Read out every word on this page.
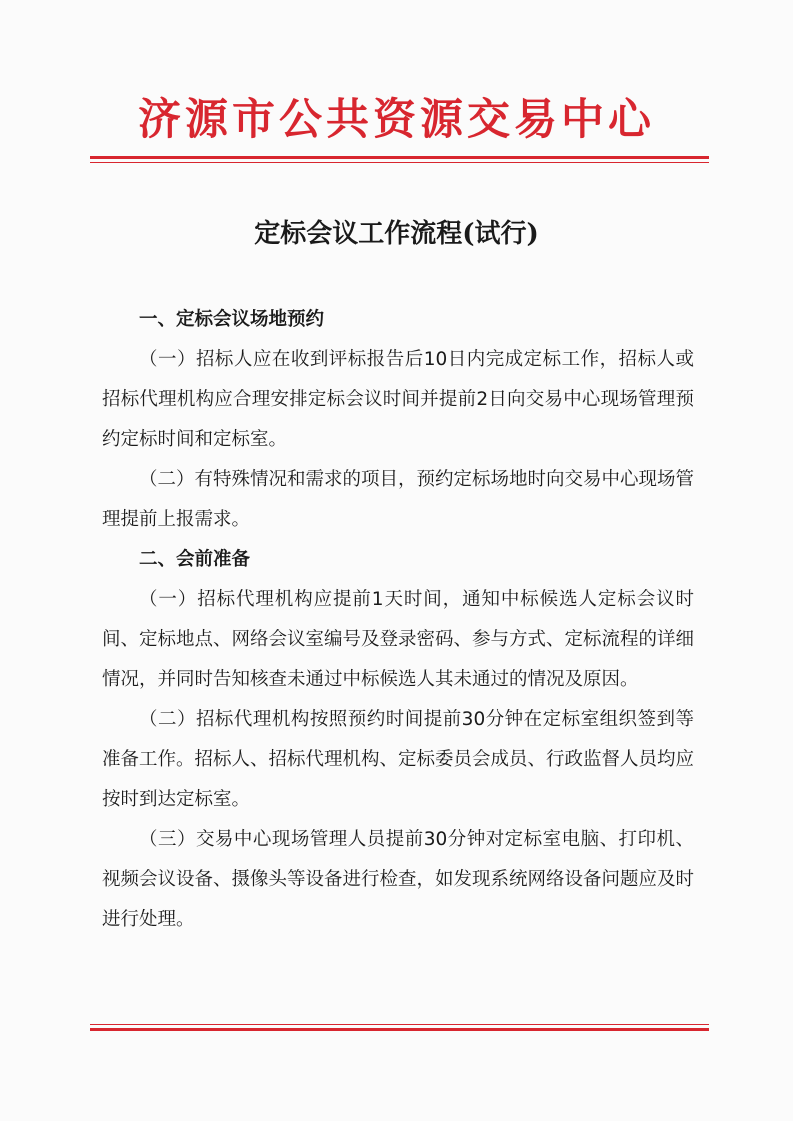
济源市公共资源交易中心
定标会议工作流程(试行)
一、定标会议场地预约

（一）招标人应在收到评标报告后10日内完成定标工作，招标人或招标代理机构应合理安排定标会议时间并提前2日向交易中心现场管理预约定标时间和定标室。

（二）有特殊情况和需求的项目，预约定标场地时向交易中心现场管理提前上报需求。

二、会前准备

（一）招标代理机构应提前1天时间，通知中标候选人定标会议时间、定标地点、网络会议室编号及登录密码、参与方式、定标流程的详细情况，并同时告知核查未通过中标候选人其未通过的情况及原因。

（二）招标代理机构按照预约时间提前30分钟在定标室组织签到等准备工作。招标人、招标代理机构、定标委员会成员、行政监督人员均应按时到达定标室。

（三）交易中心现场管理人员提前30分钟对定标室电脑、打印机、视频会议设备、摄像头等设备进行检查，如发现系统网络设备问题应及时进行处理。
